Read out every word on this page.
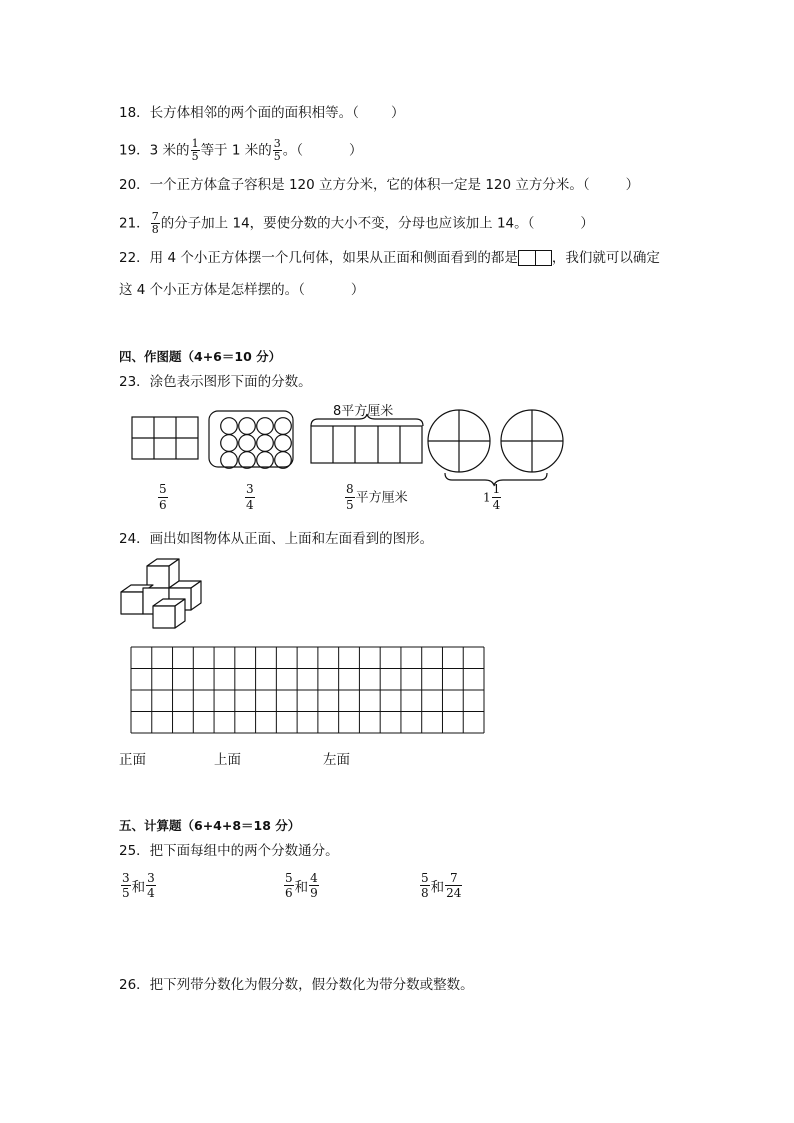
18．长方体相邻的两个面的面积相等。（ ）
19．3 米的 $\frac{1}{5}$ 等于 1 米的 $\frac{3}{5}$ 。（	）
20．一个正方体盒子容积是 120 立方分米，它的体积一定是 120 立方分米。（	）
21． $\frac{7}{8}$ 的分子加上 14，要使分数的大小不变，分母也应该加上 14。（	）
22．用 4 个小正方体摆一个几何体，如果从正面和侧面看到的都是	，我们就可以确定
这 4 个小正方体是怎样摆的。（	）
四、作图题（4+6＝10 分）
23．涂色表示图形下面的分数。
8平方厘米
$\frac{5}{6}$	$\frac{3}{4}$	$\frac{8}{5}$ 平方厘米	$1 \frac{1}{4}$
24．画出如图物体从正面、上面和左面看到的图形。
正面	上面	左面
五、计算题（6+4+8＝18 分）
25．把下面每组中的两个分数通分。
$\frac{3}{5}$ 和 $\frac{3}{4}$	$\frac{5}{6}$ 和 $\frac{4}{9}$	$\frac{5}{8}$ 和 $\frac{7}{24}$
26．把下列带分数化为假分数，假分数化为带分数或整数。
